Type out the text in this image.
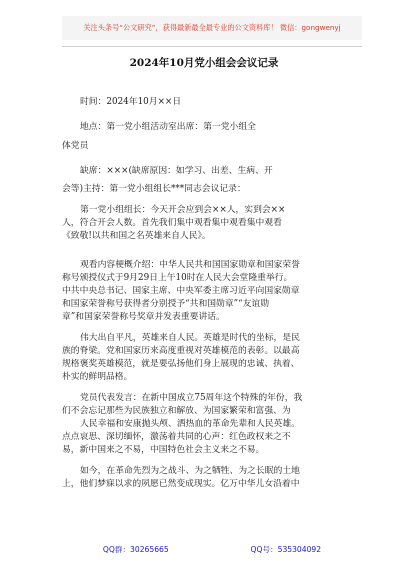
关注头条号“公文研究”，获得最新最全最专业的公文资料库！ 微信：gongwenyj
2024年10月党小组会会议记录
时间：2024年10月××日
地点：第一党小组活动室出席：第一党小组全
体党员
缺席：×××(缺席原因：如学习、出差、生病、开
会等)主持：第一党小组组长***同志会议记录：
第一党小组组长：今天开会应到会××人，实到会××
人，符合开会人数。首先我们集中观看集中观看集中观看
《致敬!以共和国之名英雄来自人民》。
观看内容梗概介绍：中华人民共和国国家勋章和国家荣誉
称号颁授仪式于9月29日上午10时在人民大会堂隆重举行。
中共中央总书记、国家主席、中央军委主席习近平向国家勋章
和国家荣誉称号获得者分别授予“共和国勋章”“友谊勋
章”和国家荣誉称号奖章并发表重要讲话。
伟大出自平凡，英雄来自人民。英雄是时代的坐标，是民
族的脊梁。党和国家历来高度重视对英雄模范的表彰。以最高
规格褒奖英雄模范，就是要弘扬他们身上展现的忠诚、执着、
朴实的鲜明品格。
党员代表发言：在新中国成立75周年这个特殊的年份，我
们不会忘记那些为民族独立和解放、为国家繁荣和富强、为
人民幸福和安康抛头颅、洒热血的革命先辈和人民英雄。
点点哀思、深切缅怀，激荡着共同的心声：红色政权来之不
易，新中国来之不易，中国特色社会主义来之不易。
如今，在革命先烈为之战斗、为之牺牲、为之长眠的土地
上，他们梦寐以求的夙愿已然变成现实。亿万中华儿女沿着中
QQ群：30265665	QQ号：535304092
